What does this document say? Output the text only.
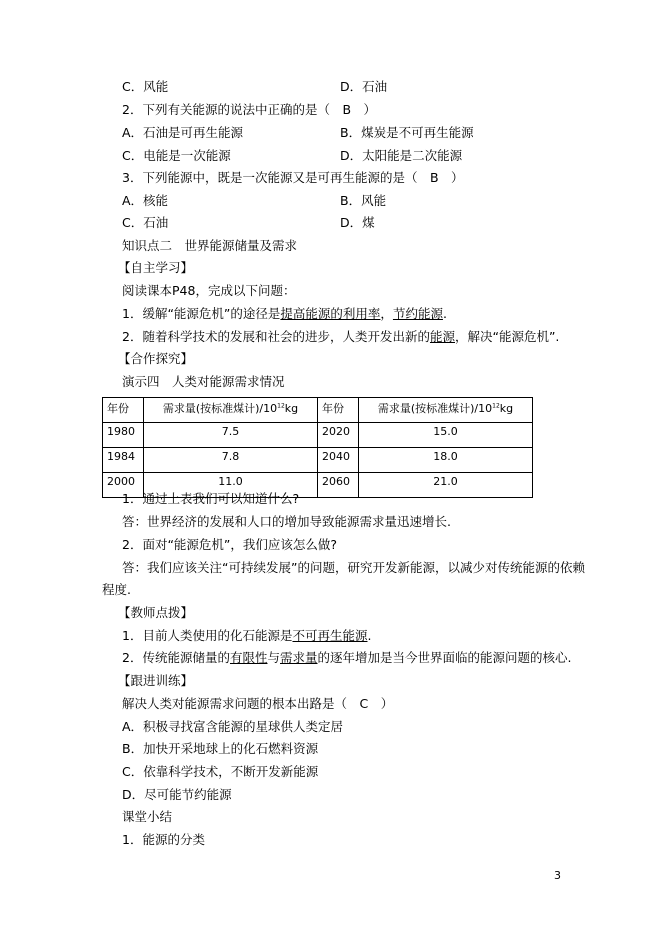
C．风能	D．石油
2．下列有关能源的说法中正确的是（　B　）
A．石油是可再生能源	B．煤炭是不可再生能源
C．电能是一次能源	D．太阳能是二次能源
3．下列能源中，既是一次能源又是可再生能源的是（　B　）
A．核能	B．风能
C．石油	D．煤
知识点二　世界能源储量及需求
【自主学习】
阅读课本P48，完成以下问题：
1．缓解“能源危机”的途径是提高能源的利用率，节约能源.
2．随着科学技术的发展和社会的进步，人类开发出新的能源，解决“能源危机”.
【合作探究】
演示四　人类对能源需求情况
年份	需求量(按标准煤计)$/10^{12}kg$	年份	需求量(按标准煤计)$/10^{12}kg$
1980	7.5	2020	15.0
1984	7.8	2040	18.0
2000	11.0	2060	21.0
1．通过上表我们可以知道什么?
答：世界经济的发展和人口的增加导致能源需求量迅速增长.
2．面对“能源危机”，我们应该怎么做?
答：我们应该关注“可持续发展”的问题，研究开发新能源，以减少对传统能源的依赖
程度.
【教师点拨】
1．目前人类使用的化石能源是不可再生能源.
2．传统能源储量的有限性与需求量的逐年增加是当今世界面临的能源问题的核心.
【跟进训练】
解决人类对能源需求问题的根本出路是（　C　）
A．积极寻找富含能源的星球供人类定居
B．加快开采地球上的化石燃料资源
C．依靠科学技术，不断开发新能源
D．尽可能节约能源
课堂小结
1．能源的分类
3
